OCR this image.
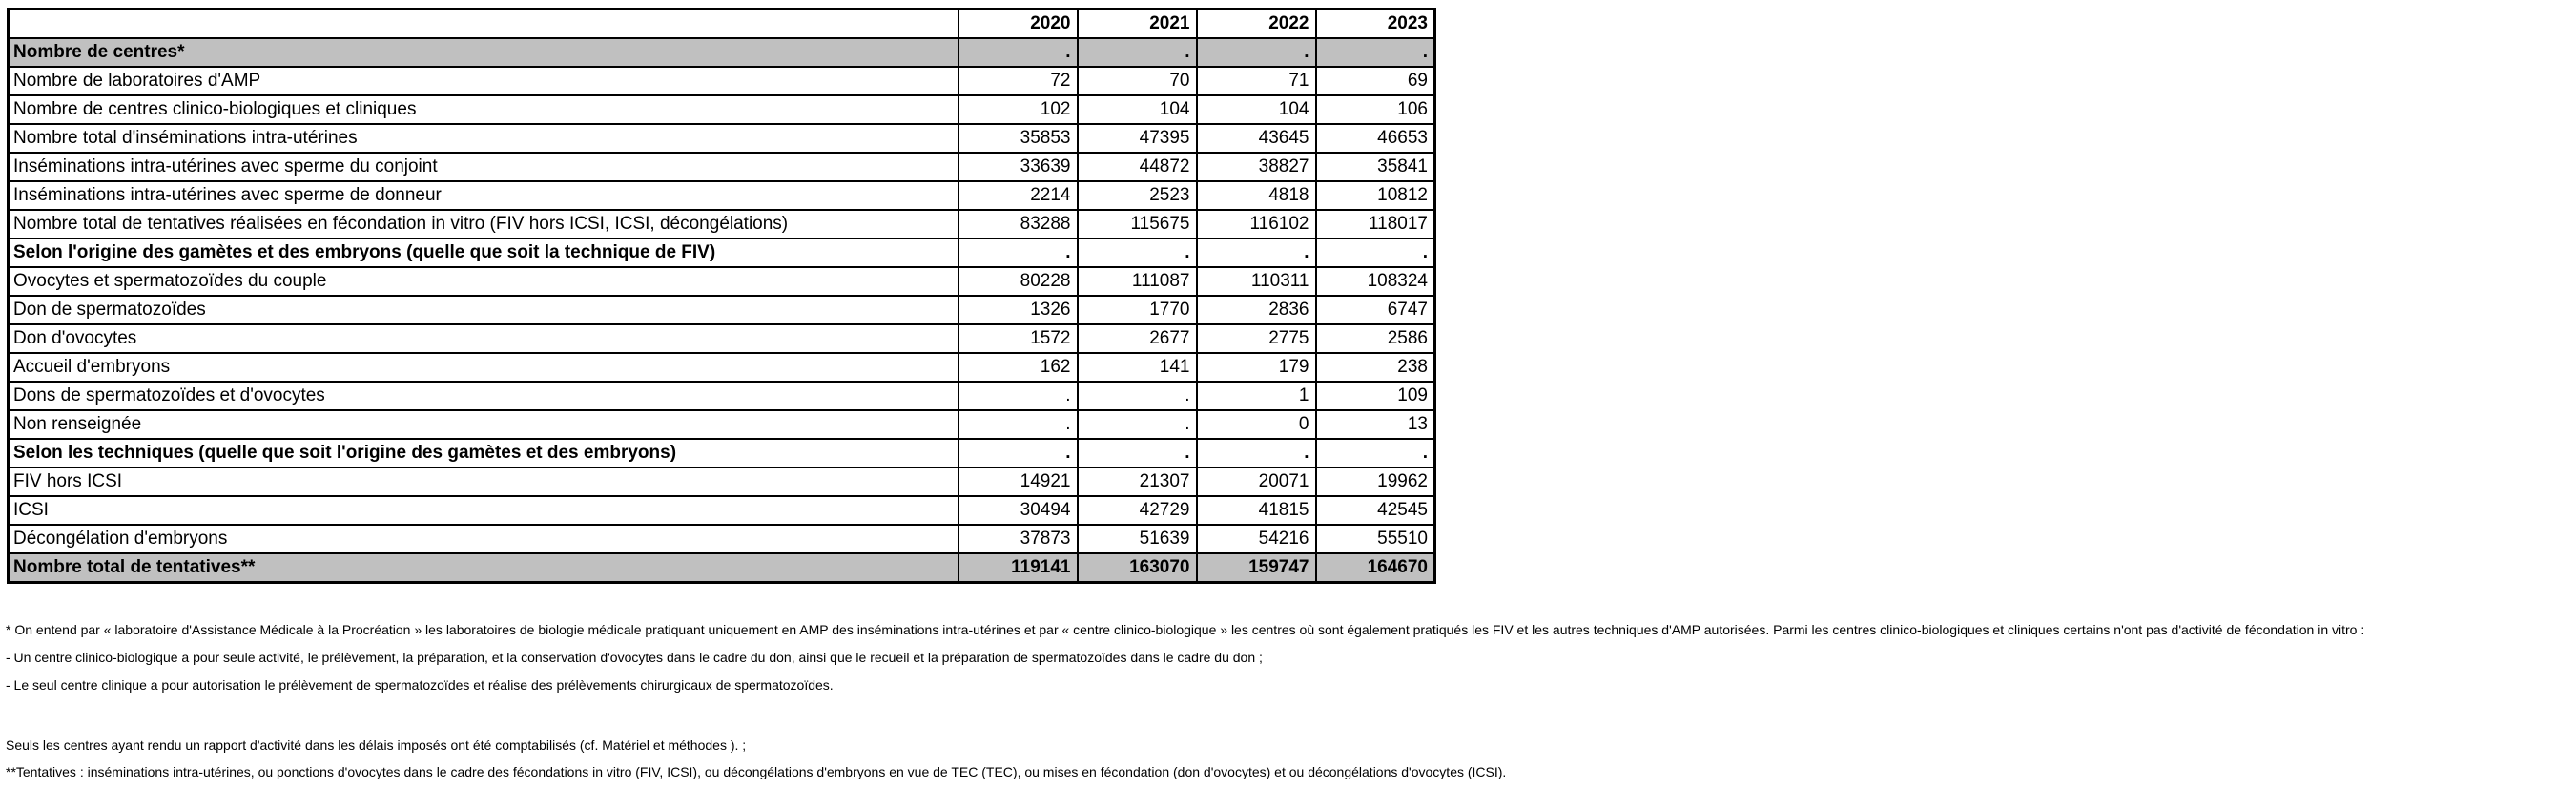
	2020	2021	2022	2023
Nombre de centres*	.	.	.	.
Nombre de laboratoires d'AMP	72	70	71	69
Nombre de centres clinico-biologiques et cliniques	102	104	104	106
Nombre total d'inséminations intra-utérines	35853	47395	43645	46653
Inséminations intra-utérines avec sperme du conjoint	33639	44872	38827	35841
Inséminations intra-utérines avec sperme de donneur	2214	2523	4818	10812
Nombre total de tentatives réalisées en fécondation in vitro (FIV hors ICSI, ICSI, décongélations)	83288	115675	116102	118017
Selon l'origine des gamètes et des embryons (quelle que soit la technique de FIV)	.	.	.	.
Ovocytes et spermatozoïdes du couple	80228	111087	110311	108324
Don de spermatozoïdes	1326	1770	2836	6747
Don d'ovocytes	1572	2677	2775	2586
Accueil d'embryons	162	141	179	238
Dons de spermatozoïdes et d'ovocytes	.	.	1	109
Non renseignée	.	.	0	13
Selon les techniques (quelle que soit l'origine des gamètes et des embryons)	.	.	.	.
FIV hors ICSI	14921	21307	20071	19962
ICSI	30494	42729	41815	42545
Décongélation d'embryons	37873	51639	54216	55510
Nombre total de tentatives**	119141	163070	159747	164670
* On entend par « laboratoire d'Assistance Médicale à la Procréation » les laboratoires de biologie médicale pratiquant uniquement en AMP des inséminations intra-utérines et par « centre clinico-biologique » les centres où sont également pratiqués les FIV et les autres techniques d'AMP autorisées. Parmi les centres clinico-biologiques et cliniques certains n'ont pas d'activité de fécondation in vitro :
- Un centre clinico-biologique a pour seule activité, le prélèvement, la préparation, et la conservation d'ovocytes dans le cadre du don, ainsi que le recueil et la préparation de spermatozoïdes dans le cadre du don ;
- Le seul centre clinique a pour autorisation le prélèvement de spermatozoïdes et réalise des prélèvements chirurgicaux de spermatozoïdes.
Seuls les centres ayant rendu un rapport d'activité dans les délais imposés ont été comptabilisés (cf. Matériel et méthodes ). ;
**Tentatives : inséminations intra-utérines, ou ponctions d'ovocytes dans le cadre des fécondations in vitro (FIV, ICSI), ou décongélations d'embryons en vue de TEC (TEC), ou mises en fécondation (don d'ovocytes) et ou décongélations d'ovocytes (ICSI).
